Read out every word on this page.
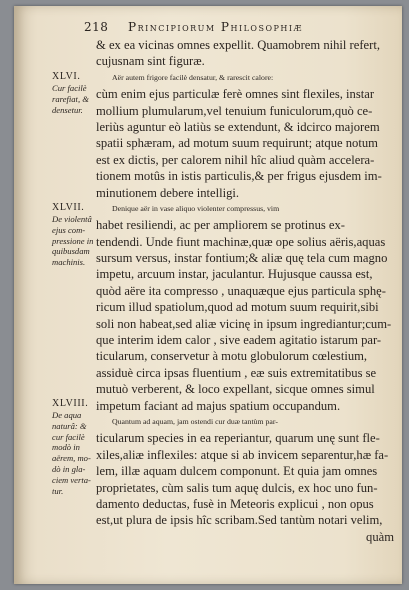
218 Principiorum Philosophiæ
XLVI.
Cur facilè
rarefiat, &
densetur.
XLVII.
De violentâ
ejus com-
pressione in
quibusdam
machinis.
XLVIII.
De aqua
naturâ: &
cur facilè
modò in
aërem, mo-
dò in gla-
ciem verta-
tur.
& ex ea vicinas omnes expellit. Quamobrem nihil refert,
cujusnam sint figuræ.
Aër autem frigore facilè densatur, & rarescit calore:
cùm enim ejus particulæ ferè omnes sint flexiles, instar
mollium plumularum,vel tenuium funiculorum,quò ce-
leriùs aguntur eò latiùs se extendunt, & idcirco majorem
spatii sphæram, ad motum suum requirunt; atque notum
est ex dictis, per calorem nihil hîc aliud quàm accelera-
tionem motûs in istis particulis,& per frigus ejusdem im-
minutionem debere intelligi.
Denique aër in vase aliquo violenter compressus, vim
habet resiliendi, ac per ampliorem se protinus ex-
tendendi. Unde fiunt machinæ,quæ ope solius aëris,aquas
sursum versus, instar fontium;& aliæ quę tela cum magno
impetu, arcuum instar, jaculantur. Hujusque caussa est,
quòd aëre ita compresso , unaquæque ejus particula sphę-
ricum illud spatiolum,quod ad motum suum requirit,sibi
soli non habeat,sed aliæ vicinę in ipsum ingrediantur;cum-
que interim idem calor , sive eadem agitatio istarum par-
ticularum, conservetur à motu globulorum cœlestium,
assiduè circa ipsas fluentium , eæ suis extremitatibus se
mutuò verberent, & loco expellant, sicque omnes simul
impetum faciant ad majus spatium occupandum.
Quantum ad aquam, jam ostendi cur duæ tantùm par-
ticularum species in ea reperiantur, quarum unę sunt fle-
xiles,aliæ inflexiles: atque si ab invicem separentur,hæ fa-
lem, illæ aquam dulcem componunt. Et quia jam omnes
proprietates, cùm salis tum aquę dulcis, ex hoc uno fun-
damento deductas, fusè in Meteoris explicui , non opus
est,ut plura de ipsis hîc scribam.Sed tantùm notari velim,
quàm
